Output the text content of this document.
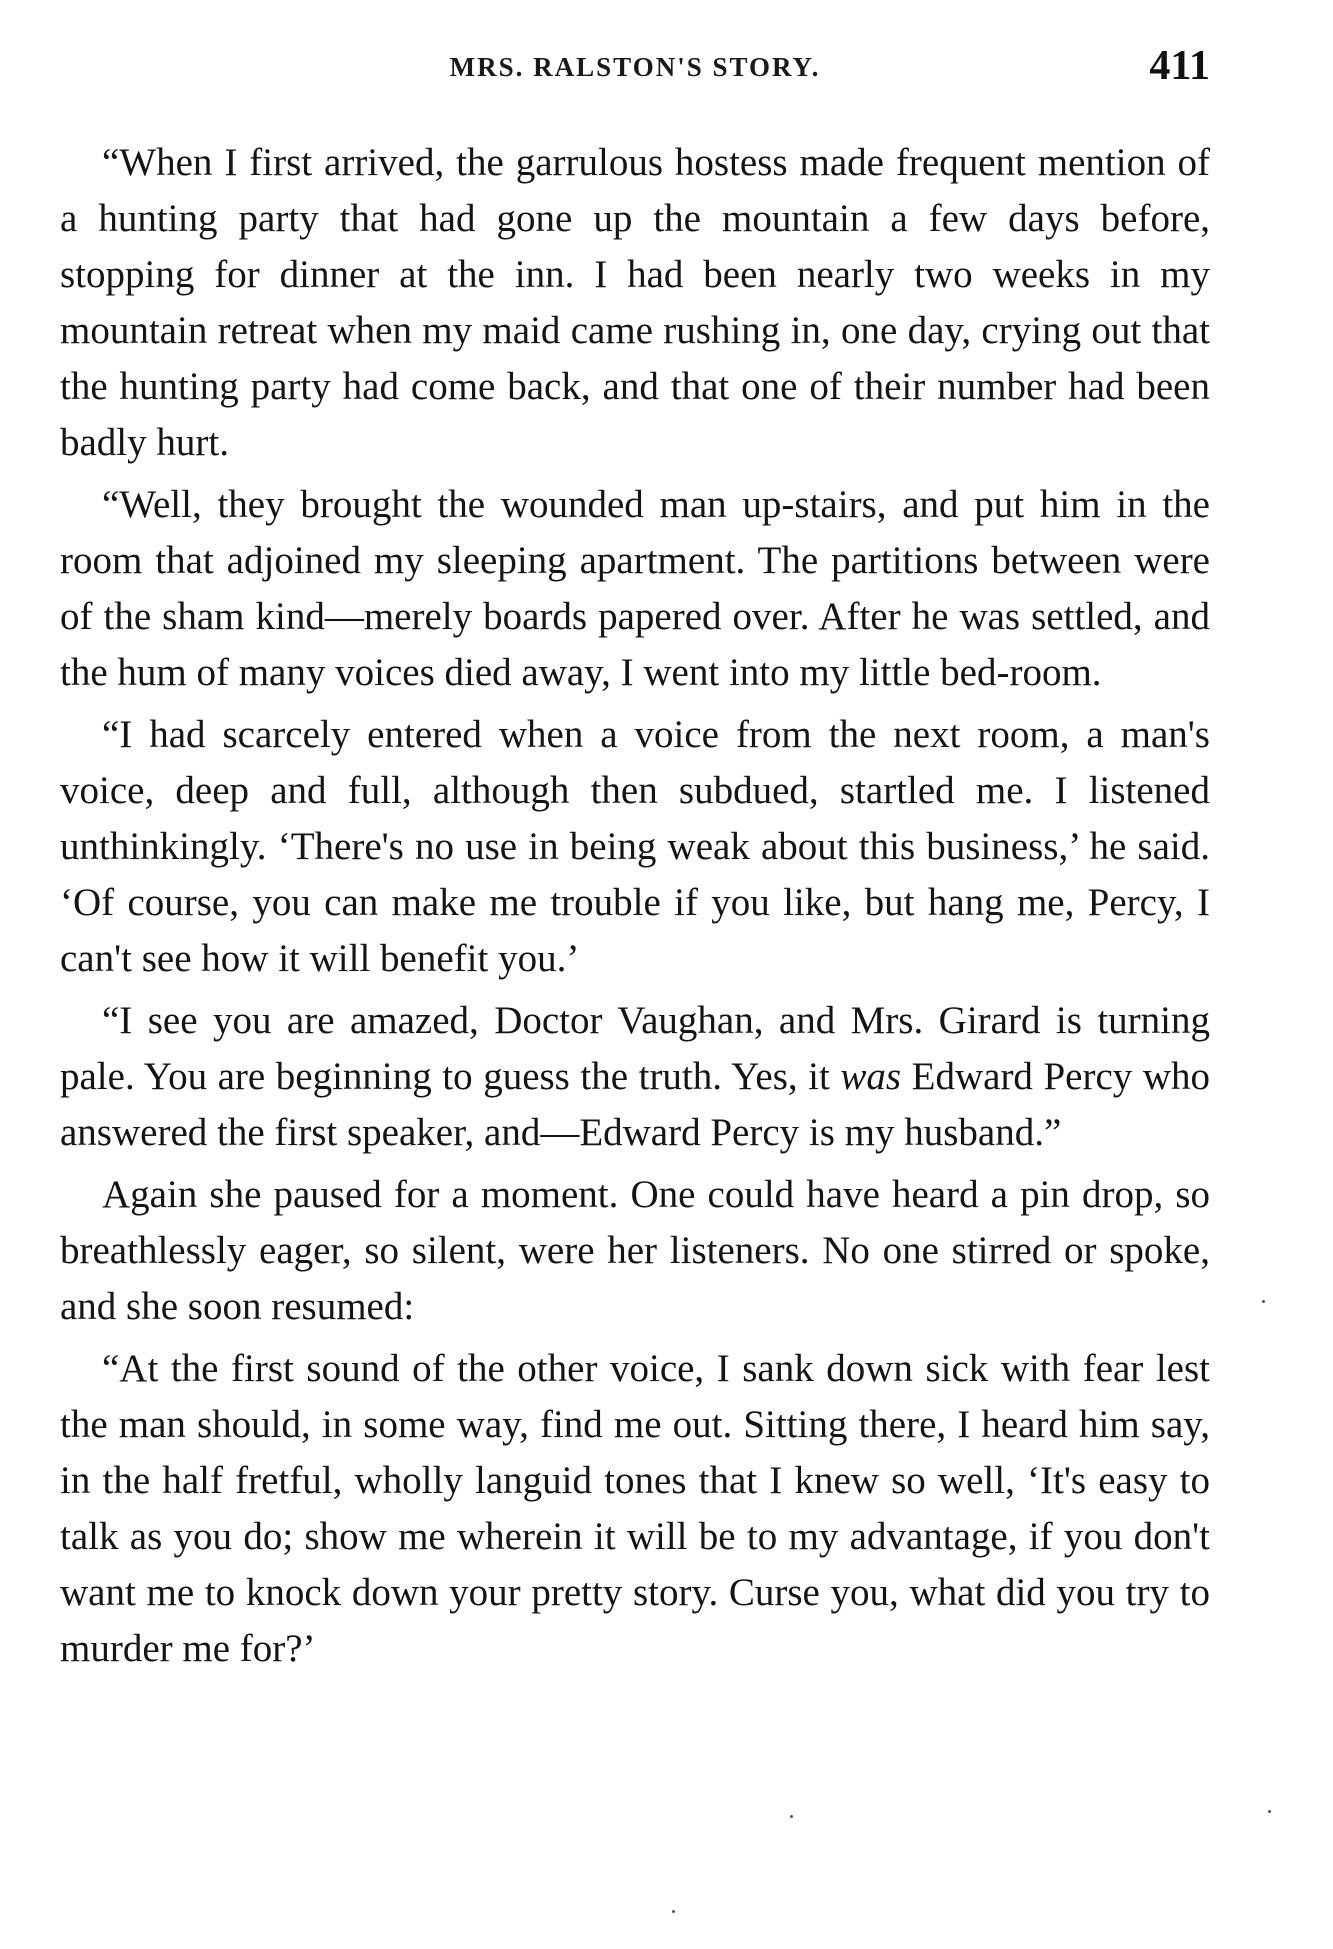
MRS. RALSTON'S STORY.	411

“When I first arrived, the garrulous hostess made frequent mention of a hunting party that had gone up the mountain a few days before, stopping for dinner at the inn. I had been nearly two weeks in my mountain retreat when my maid came rushing in, one day, crying out that the hunting party had come back, and that one of their number had been badly hurt.

“Well, they brought the wounded man up-stairs, and put him in the room that adjoined my sleeping apartment. The partitions between were of the sham kind—merely boards papered over. After he was settled, and the hum of many voices died away, I went into my little bed-room.

“I had scarcely entered when a voice from the next room, a man's voice, deep and full, although then subdued, startled me. I listened unthinkingly. ‘There's no use in being weak about this business,’ he said. ‘Of course, you can make me trouble if you like, but hang me, Percy, I can't see how it will benefit you.’

“I see you are amazed, Doctor Vaughan, and Mrs. Girard is turning pale. You are beginning to guess the truth. Yes, it was Edward Percy who answered the first speaker, and—Edward Percy is my husband.”

Again she paused for a moment. One could have heard a pin drop, so breathlessly eager, so silent, were her listeners. No one stirred or spoke, and she soon resumed:

“At the first sound of the other voice, I sank down sick with fear lest the man should, in some way, find me out. Sitting there, I heard him say, in the half fretful, wholly languid tones that I knew so well, ‘It's easy to talk as you do; show me wherein it will be to my advantage, if you don't want me to knock down your pretty story. Curse you, what did you try to murder me for?’
